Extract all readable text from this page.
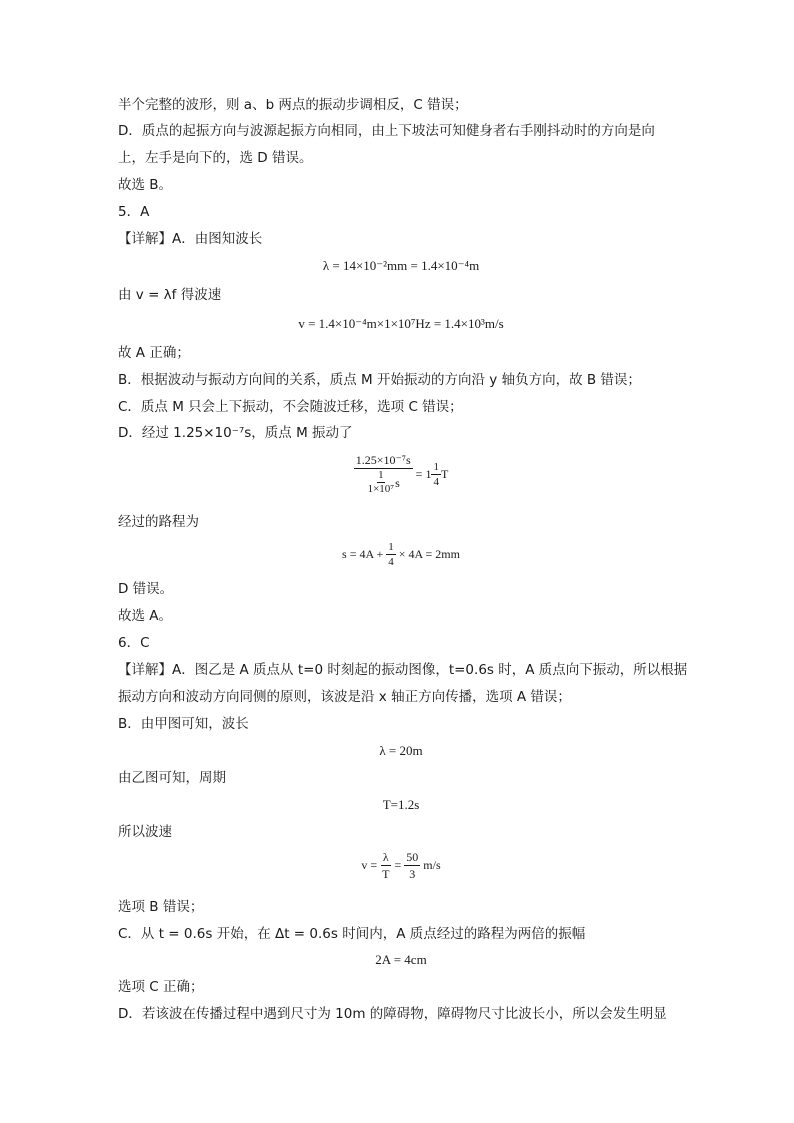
半个完整的波形，则 a、b 两点的振动步调相反，C 错误；
D．质点的起振方向与波源起振方向相同，由上下坡法可知健身者右手刚抖动时的方向是向
上，左手是向下的，选 D 错误。
故选 B。
5．A
【详解】A．由图知波长
λ = 14×10⁻²mm = 1.4×10⁻⁴m
由 v = λf 得波速
v = 1.4×10⁻⁴m×1×10⁷Hz = 1.4×10³m/s
故 A 正确；
B．根据波动与振动方向间的关系，质点 M 开始振动的方向沿 y 轴负方向，故 B 错误；
C．质点 M 只会上下振动，不会随波迁移，选项 C 错误；
D．经过 1.25×10⁻⁷s，质点 M 振动了
$\frac{\text{1.25×10⁻⁷s}}{\frac{1}{\text{1×10⁷}} s} = 1 \frac{1}{4}$ T
经过的路程为
$s = 4A + \frac{1}{4} \times 4A = 2mm$
D 错误。
故选 A。
6．C
【详解】A．图乙是 A 质点从 t=0 时刻起的振动图像，t=0.6s 时，A 质点向下振动，所以根据
振动方向和波动方向同侧的原则，该波是沿 x 轴正方向传播，选项 A 错误；
B．由甲图可知，波长
λ = 20m
由乙图可知，周期
T=1.2s
所以波速
$v = \frac{\lambda}{T} = \frac{50}{3} m/s$
选项 B 错误；
C．从 t = 0.6s 开始，在 Δt = 0.6s 时间内，A 质点经过的路程为两倍的振幅
2A = 4cm
选项 C 正确；
D．若该波在传播过程中遇到尺寸为 10m 的障碍物，障碍物尺寸比波长小，所以会发生明显
